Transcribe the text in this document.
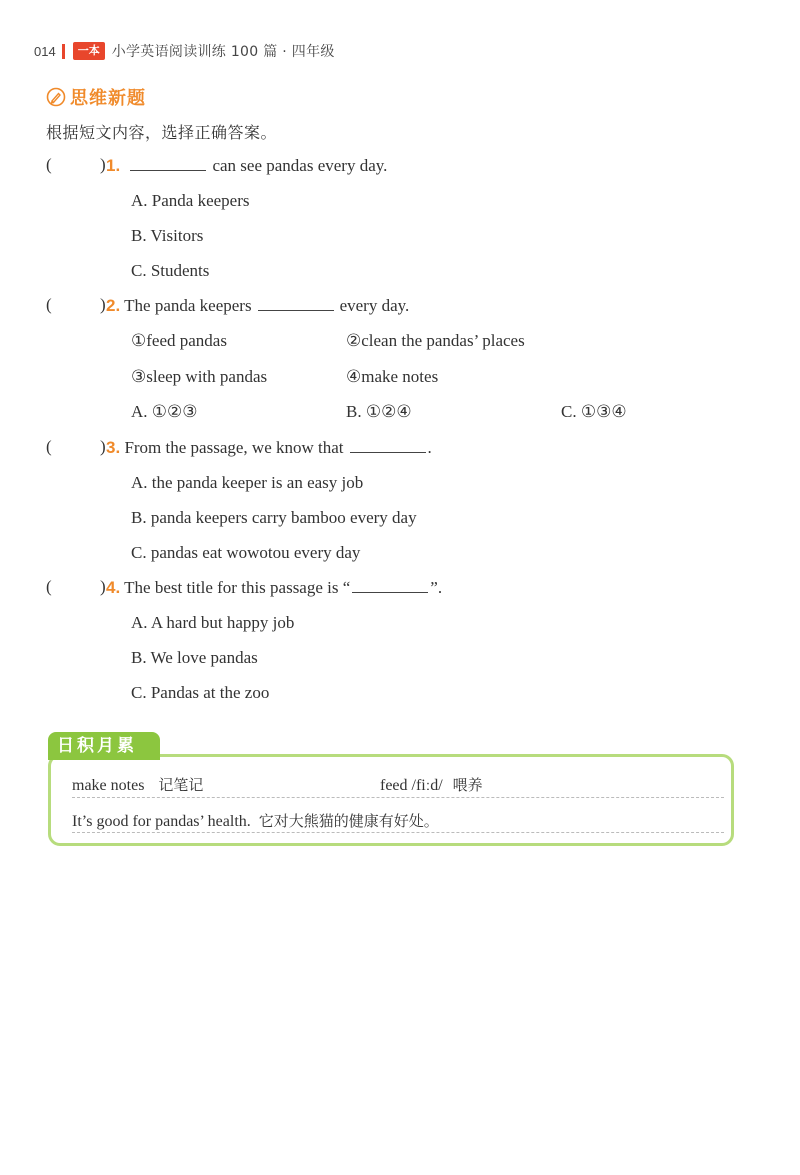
014	一本 小学英语阅读训练 100 篇 · 四年级
思维新题
根据短文内容，选择正确答案。
(	) 1.	can see pandas every day.
A. Panda keepers
B. Visitors
C. Students
(	) 2. The panda keepers	every day.
①feed pandas	②clean the pandas’ places
③sleep with pandas	④make notes
A. ①②③	B. ①②④	C. ①③④
(	) 3. From the passage, we know that	.
A. the panda keeper is an easy job
B. panda keepers carry bamboo every day
C. pandas eat wowotou every day
(	) 4. The best title for this passage is “	”.
A. A hard but happy job
B. We love pandas
C. Pandas at the zoo
日积月累
make notes 记笔记	feed /fiːd/ 喂养
It’s good for pandas’ health. 它对大熊猫的健康有好处。
